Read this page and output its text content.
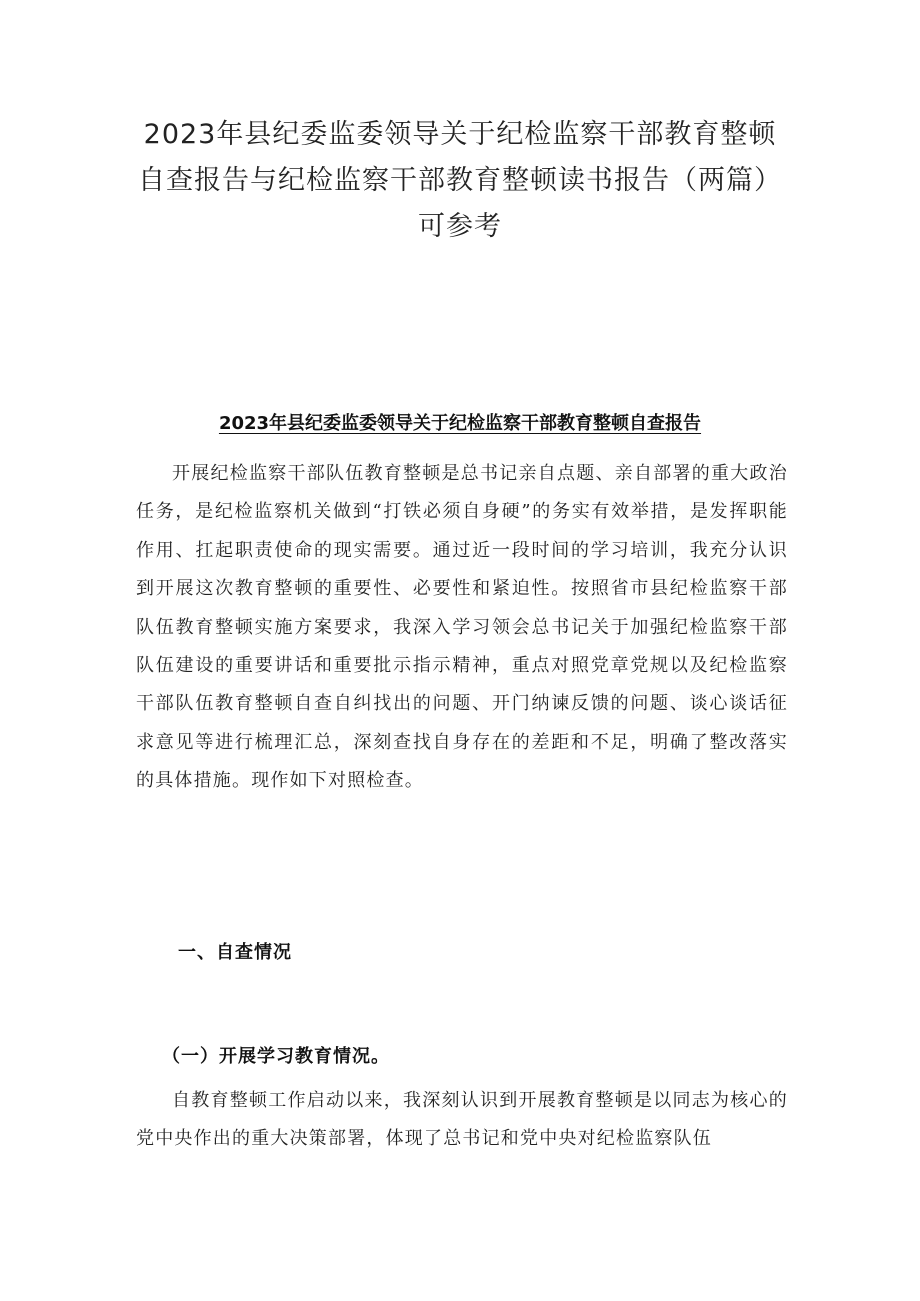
2023年县纪委监委领导关于纪检监察干部教育整顿
自查报告与纪检监察干部教育整顿读书报告（两篇）
可参考
2023年县纪委监委领导关于纪检监察干部教育整顿自查报告

开展纪检监察干部队伍教育整顿是总书记亲自点题、亲自部署的重大政治任务，是纪检监察机关做到“打铁必须自身硬”的务实有效举措，是发挥职能作用、扛起职责使命的现实需要。通过近一段时间的学习培训，我充分认识到开展这次教育整顿的重要性、必要性和紧迫性。按照省市县纪检监察干部队伍教育整顿实施方案要求，我深入学习领会总书记关于加强纪检监察干部队伍建设的重要讲话和重要批示指示精神，重点对照党章党规以及纪检监察干部队伍教育整顿自查自纠找出的问题、开门纳谏反馈的问题、谈心谈话征求意见等进行梳理汇总，深刻查找自身存在的差距和不足，明确了整改落实的具体措施。现作如下对照检查。

一、自查情况
（一）开展学习教育情况。

自教育整顿工作启动以来，我深刻认识到开展教育整顿是以同志为核心的党中央作出的重大决策部署，体现了总书记和党中央对纪检监察队伍
